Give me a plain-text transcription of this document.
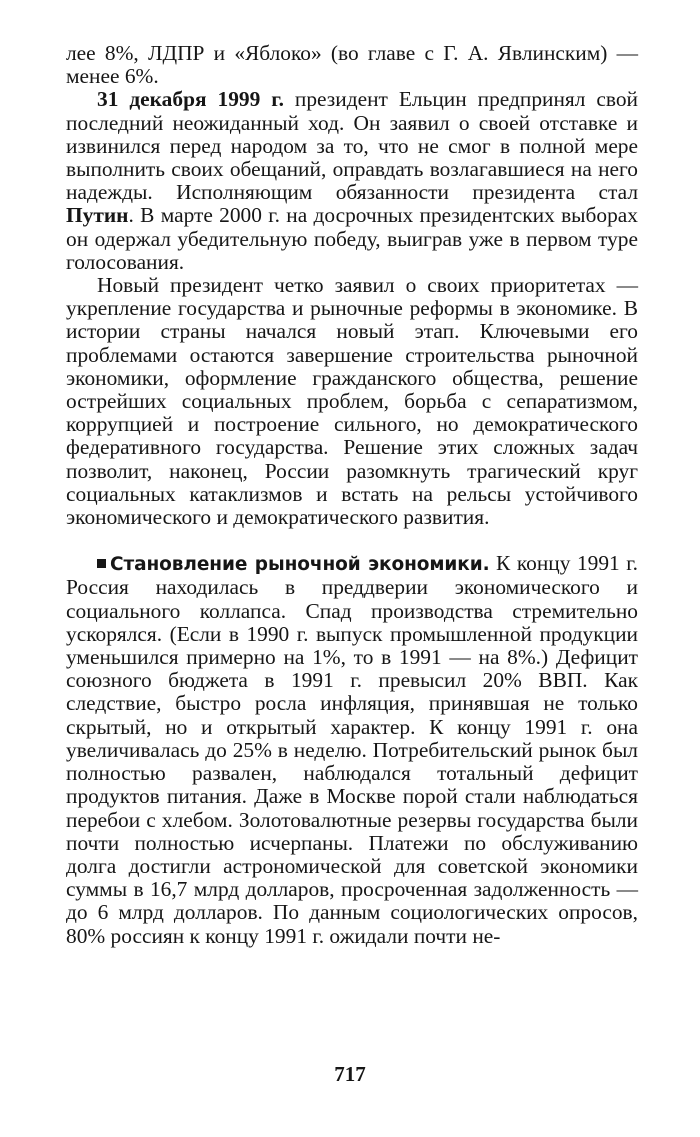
лее 8%, ЛДПР и «Яблоко» (во главе с Г. А. Явлинским) — менее 6%.

31 декабря 1999 г. президент Ельцин предпринял свой последний неожиданный ход. Он заявил о своей отставке и извинился перед народом за то, что не смог в полной мере выполнить своих обещаний, оправдать возлагавшиеся на него надежды. Исполняющим обязанности президента стал Путин. В марте 2000 г. на досрочных президентских выборах он одержал убедительную победу, выиграв уже в первом туре голосования.

Новый президент четко заявил о своих приоритетах — укрепление государства и рыночные реформы в экономике. В истории страны начался новый этап. Ключевыми его проблемами остаются завершение строительства рыночной экономики, оформление гражданского общества, решение острейших социальных проблем, борьба с сепаратизмом, коррупцией и построение сильного, но демократического федеративного государства. Решение этих сложных задач позволит, наконец, России разомкнуть трагический круг социальных катаклизмов и встать на рельсы устойчивого экономического и демократического развития.

Становление рыночной экономики. К концу 1991 г. Россия находилась в преддверии экономического и социального коллапса. Спад производства стремительно ускорялся. (Если в 1990 г. выпуск промышленной продукции уменьшился примерно на 1%, то в 1991 — на 8%.) Дефицит союзного бюджета в 1991 г. превысил 20% ВВП. Как следствие, быстро росла инфляция, принявшая не только скрытый, но и открытый характер. К концу 1991 г. она увеличивалась до 25% в неделю. Потребительский рынок был полностью развален, наблюдался тотальный дефицит продуктов питания. Даже в Москве порой стали наблюдаться перебои с хлебом. Золотовалютные резервы государства были почти полностью исчерпаны. Платежи по обслуживанию долга достигли астрономической для советской экономики суммы в 16,7 млрд долларов, просроченная задолженность — до 6 млрд долларов. По данным социологических опросов, 80% россиян к концу 1991 г. ожидали почти не-

717
